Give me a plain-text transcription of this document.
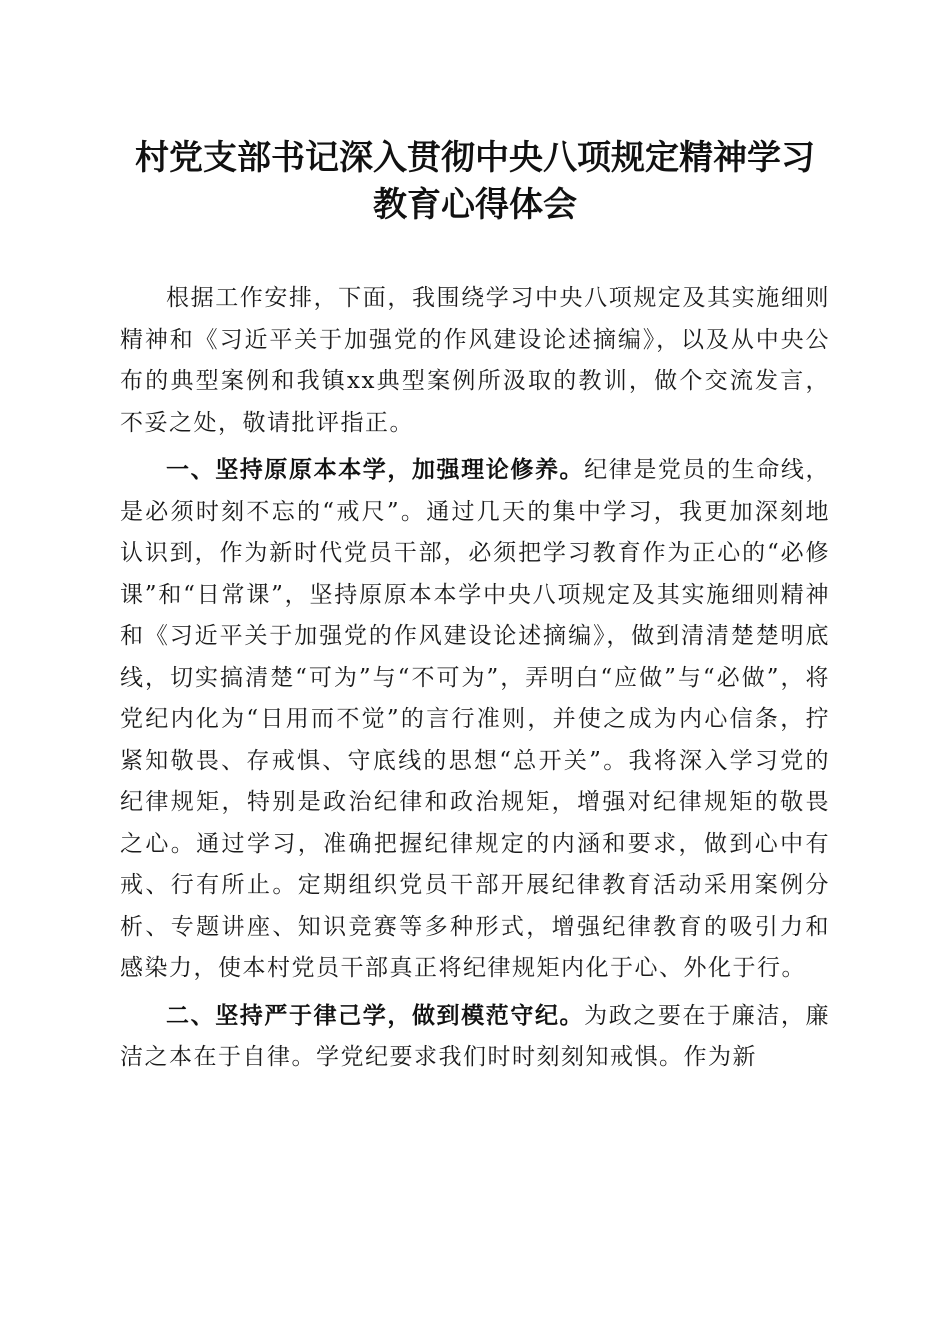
村党支部书记深入贯彻中央八项规定精神学习
教育心得体会

根据工作安排，下面，我围绕学习中央八项规定及其实施细则精神和《习近平关于加强党的作风建设论述摘编》，以及从中央公布的典型案例和我镇xx典型案例所汲取的教训，做个交流发言，不妥之处，敬请批评指正。

一、坚持原原本本学，加强理论修养。纪律是党员的生命线，是必须时刻不忘的“戒尺”。通过几天的集中学习，我更加深刻地认识到，作为新时代党员干部，必须把学习教育作为正心的“必修课”和“日常课”，坚持原原本本学中央八项规定及其实施细则精神和《习近平关于加强党的作风建设论述摘编》，做到清清楚楚明底线，切实搞清楚“可为”与“不可为”，弄明白“应做”与“必做”，将党纪内化为“日用而不觉”的言行准则，并使之成为内心信条，拧紧知敬畏、存戒惧、守底线的思想“总开关”。我将深入学习党的纪律规矩，特别是政治纪律和政治规矩，增强对纪律规矩的敬畏之心。通过学习，准确把握纪律规定的内涵和要求，做到心中有戒、行有所止。定期组织党员干部开展纪律教育活动采用案例分析、专题讲座、知识竞赛等多种形式，增强纪律教育的吸引力和感染力，使本村党员干部真正将纪律规矩内化于心、外化于行。

二、坚持严于律己学，做到模范守纪。为政之要在于廉洁，廉洁之本在于自律。学党纪要求我们时时刻刻知戒惧。作为新
